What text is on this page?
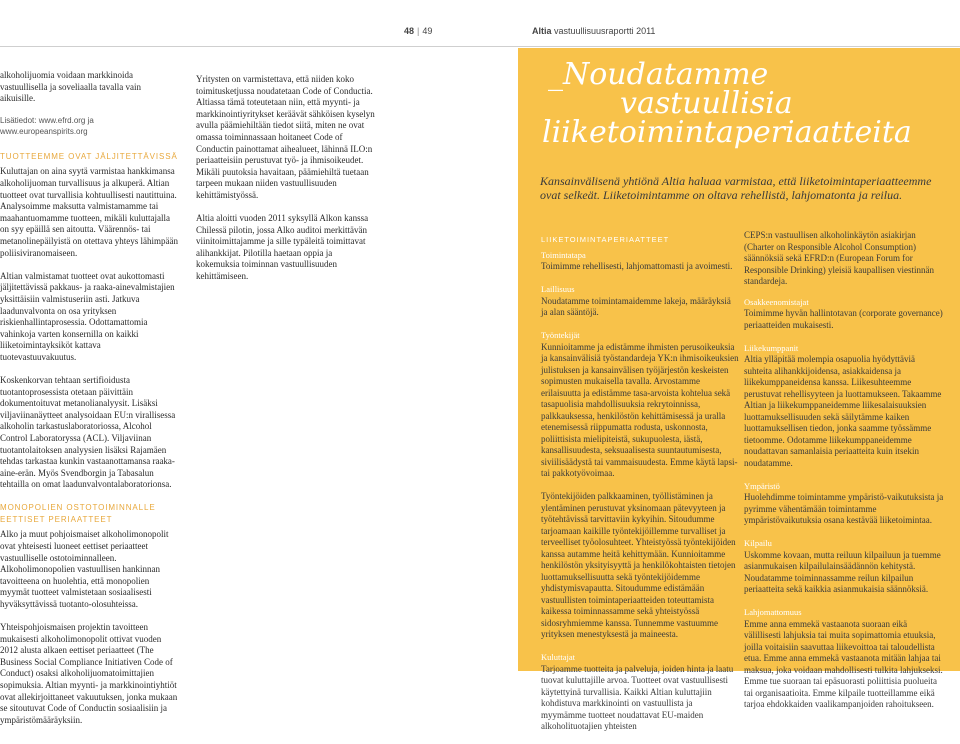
48 | 49	Altia vastuullisuusraportti 2011

alkoholijuomia voidaan markkinoida vastuullisella ja soveliaalla tavalla vain aikuisille.

Lisätiedot: www.efrd.org ja www.europeanspirits.org
TUOTTEEMME OVAT JÄLJITETTÄVISSÄ

Kuluttajan on aina syytä varmistaa hankkimansa alkoholijuoman turvallisuus ja alkuperä. Altian tuotteet ovat turvallisia kohtuullisesti nautittuina. Analysoimme maksutta valmistamamme tai maahantuomamme tuotteen, mikäli kuluttajalla on syy epäillä sen aitoutta. Väärennös- tai metanolinepäilyistä on otettava yhteys lähimpään poliisiviranomaiseen.

Altian valmistamat tuotteet ovat aukottomasti jäljitettävissä pakkaus- ja raaka-ainevalmistajien yksittäisiin valmistuseriin asti. Jatkuva laadunvalvonta on osa yrityksen riskienhallintaprosessia. Odottamattomia vahinkoja varten konsernilla on kaikki liiketoimintayksiköt kattava tuotevastuuvakuutus.

Koskenkorvan tehtaan sertifioidusta tuotantoprosessista otetaan päivittäin dokumentoituvat metanolianalyysit. Lisäksi viljaviinanäytteet analysoidaan EU:n virallisessa alkoholin tarkastuslaboratoriossa, Alcohol Control Laboratoryssa (ACL). Viljaviinan tuotantolaitoksen analyysien lisäksi Rajamäen tehdas tarkastaa kunkin vastaanottamansa raaka-aine-erän. Myös Svendborgin ja Tabasalun tehtailla on omat laadunvalvontalaboratorionsa.

MONOPOLIEN OSTOTOIMINNALLE EETTISET PERIAATTEET

Alko ja muut pohjoismaiset alkoholimonopolit ovat yhteisesti luoneet eettiset periaatteet vastuulliselle ostotoiminnalleen. Alkoholimonopolien vastuullisen hankinnan tavoitteena on huolehtia, että monopolien myymät tuotteet valmistetaan sosiaalisesti hyväksyttävissä tuotanto-olosuhteissa.

Yhteispohjoismaisen projektin tavoitteen mukaisesti alkoholimonopolit ottivat vuoden 2012 alusta alkaen eettiset periaatteet (The Business Social Compliance Initiativen Code of Conduct) osaksi alkoholijuomatoimittajien sopimuksia. Altian myynti- ja markkinointiyhtiöt ovat allekirjoittaneet vakuutuksen, jonka mukaan se sitoutuvat Code of Conductin sosiaalisiin ja ympäristömääräyksiin.

Yritysten on varmistettava, että niiden koko toimitusketjussa noudatetaan Code of Conductia. Altiassa tämä toteutetaan niin, että myynti- ja markkinointiyritykset keräävät sähköisen kyselyn avulla päämiehiltään tiedot siitä, miten ne ovat omassa toiminnassaan hoitaneet Code of Conductin painottamat aihealueet, lähinnä ILO:n periaatteisiin perustuvat työ- ja ihmisoikeudet. Mikäli puutoksia havaitaan, päämiehiltä tuetaan tarpeen mukaan niiden vastuullisuuden kehittämistyössä.

Altia aloitti vuoden 2011 syksyllä Alkon kanssa Chilessä pilotin, jossa Alko auditoi merkittävän viinitoimittajamme ja sille typäleitä toimittavat alihankkijat. Pilotilla haetaan oppia ja kokemuksia toiminnan vastuullisuuden kehittämiseen.

_Noudatamme
vastuullisia
liiketoimintaperiaatteita
Kansainvälisenä yhtiönä Altia haluaa varmistaa, että liiketoimintaperiaatteemme ovat selkeät. Liiketoimintamme on oltava rehellistä, lahjomatonta ja reilua.
LIIKETOIMINTAPERIAATTEET
Toimintatapa
Toimimme rehellisesti, lahjomattomasti ja avoimesti.
Laillisuus
Noudatamme toimintamaidemme lakeja, määräyksiä ja alan sääntöjä.
Työntekijät
Kunnioitamme ja edistämme ihmisten perusoikeuksia ja kansainvälisiä työstandardeja YK:n ihmisoikeuksien julistuksen ja kansainvälisen työjärjestön keskeisten sopimusten mukaisella tavalla. Arvostamme erilaisuutta ja edistämme tasa-arvoista kohtelua sekä tasapuolisia mahdollisuuksia rekrytoinnissa, palkkauksessa, henkilöstön kehittämisessä ja uralla etenemisessä riippumatta rodusta, uskonnosta, poliittisista mielipiteistä, sukupuolesta, iästä, kansallisuudesta, seksuaalisesta suuntautumisesta, siviilisäädystä tai vammaisuudesta. Emme käytä lapsi- tai pakkotyövoimaa.
Työntekijöiden palkkaaminen, työllistäminen ja ylentäminen perustuvat yksinomaan pätevyyteen ja työtehtävissä tarvittaviin kykyihin. Sitoudumme tarjoamaan kaikille työntekijöillemme turvalliset ja terveelliset työolosuhteet. Yhteistyössä työntekijöiden kanssa autamme heitä kehittymään. Kunnioitamme henkilöstön yksityisyyttä ja henkilökohtaisten tietojen luottamuksellisuutta sekä työntekijöidemme yhdistymisvapautta. Sitoudumme edistämään vastuullisten toimintaperiaatteiden toteuttamista kaikessa toiminnassamme sekä yhteistyössä sidosryhmiemme kanssa. Tunnemme vastuumme yrityksen menestyksestä ja maineesta.
Kuluttajat
Tarjoamme tuotteita ja palveluja, joiden hinta ja laatu tuovat kuluttajille arvoa. Tuotteet ovat vastuullisesti käytettyinä turvallisia. Kaikki Altian kuluttajiin kohdistuva markkinointi on vastuullista ja myymämme tuotteet noudattavat EU-maiden alkoholituotajien yhteisten
CEPS:n vastuullisen alkoholinkäytön asiakirjan (Charter on Responsible Alcohol Consumption) säännöksiä sekä EFRD:n (European Forum for Responsible Drinking) yleisiä kaupallisen viestinnän standardeja.
Osakkeenomistajat
Toimimme hyvän hallintotavan (corporate governance) periaatteiden mukaisesti.
Liikekumppanit
Altia ylläpitää molempia osapuolia hyödyttäviä suhteita alihankkijoidensa, asiakkaidensa ja liikekumppaneidensa kanssa. Liikesuhteemme perustuvat rehellisyyteen ja luottamukseen. Takaamme Altian ja liikekumppaneidemme liikesalaisuuksien luottamuksellisuuden sekä säilytämme kaiken luottamuksellisen tiedon, jonka saamme työssämme tietoomme. Odotamme liikekumppaneidemme noudattavan samanlaisia periaatteita kuin itsekin noudatamme.
Ympäristö
Huolehdimme toimintamme ympäristö-vaikutuksista ja pyrimme vähentämään toimintamme ympäristövaikutuksia osana kestävää liiketoimintaa.
Kilpailu
Uskomme kovaan, mutta reiluun kilpailuun ja tuemme asianmukaisen kilpailulainsäädännön kehitystä. Noudatamme toiminnassamme reilun kilpailun periaatteita sekä kaikkia asianmukaisia säännöksiä.
Lahjomattomuus
Emme anna emmekä vastaanota suoraan eikä välillisesti lahjuksia tai muita sopimattomia etuuksia, joilla voitaisiin saavuttaa liikevoittoa tai taloudellista etua. Emme anna emmekä vastaanota mitään lahjaa tai maksua, joka voidaan mahdollisesti tulkita lahjukseksi. Emme tue suoraan tai epäsuorasti poliittisia puolueita tai organisaatioita. Emme kilpaile tuotteillamme eikä tarjoa ehdokkaiden vaalikampanjoiden rahoitukseen.
